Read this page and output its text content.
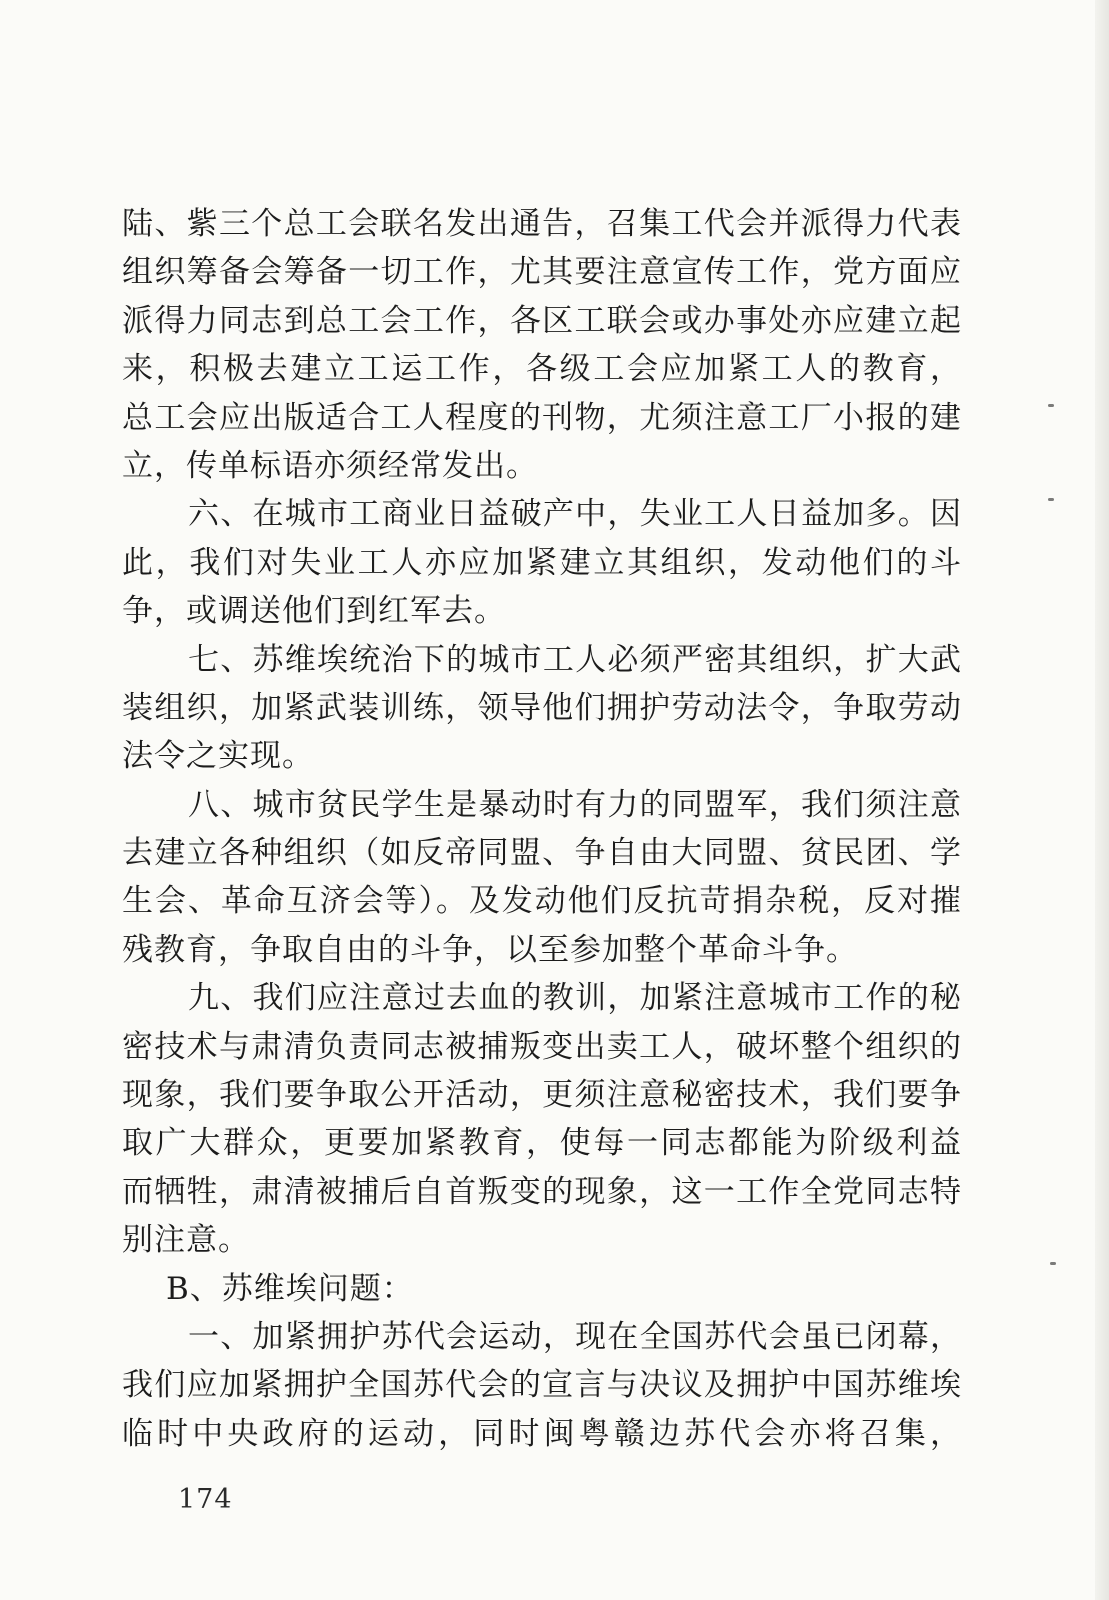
陆、紫三个总工会联名发出通告，召集工代会并派得力代表
组织筹备会筹备一切工作，尤其要注意宣传工作，党方面应
派得力同志到总工会工作，各区工联会或办事处亦应建立起
来，积极去建立工运工作，各级工会应加紧工人的教育，
总工会应出版适合工人程度的刊物，尤须注意工厂小报的建
立，传单标语亦须经常发出。
六、在城市工商业日益破产中，失业工人日益加多。因
此，我们对失业工人亦应加紧建立其组织，发动他们的斗
争，或调送他们到红军去。
七、苏维埃统治下的城市工人必须严密其组织，扩大武
装组织，加紧武装训练，领导他们拥护劳动法令，争取劳动
法令之实现。
八、城市贫民学生是暴动时有力的同盟军，我们须注意
去建立各种组织（如反帝同盟、争自由大同盟、贫民团、学
生会、革命互济会等）。及发动他们反抗苛捐杂税，反对摧
残教育，争取自由的斗争，以至参加整个革命斗争。
九、我们应注意过去血的教训，加紧注意城市工作的秘
密技术与肃清负责同志被捕叛变出卖工人，破坏整个组织的
现象，我们要争取公开活动，更须注意秘密技术，我们要争
取广大群众，更要加紧教育，使每一同志都能为阶级利益
而牺牲，肃清被捕后自首叛变的现象，这一工作全党同志特
别注意。
B、苏维埃问题：
一、加紧拥护苏代会运动，现在全国苏代会虽已闭幕，
我们应加紧拥护全国苏代会的宣言与决议及拥护中国苏维埃
临时中央政府的运动，同时闽粤赣边苏代会亦将召集，
174
